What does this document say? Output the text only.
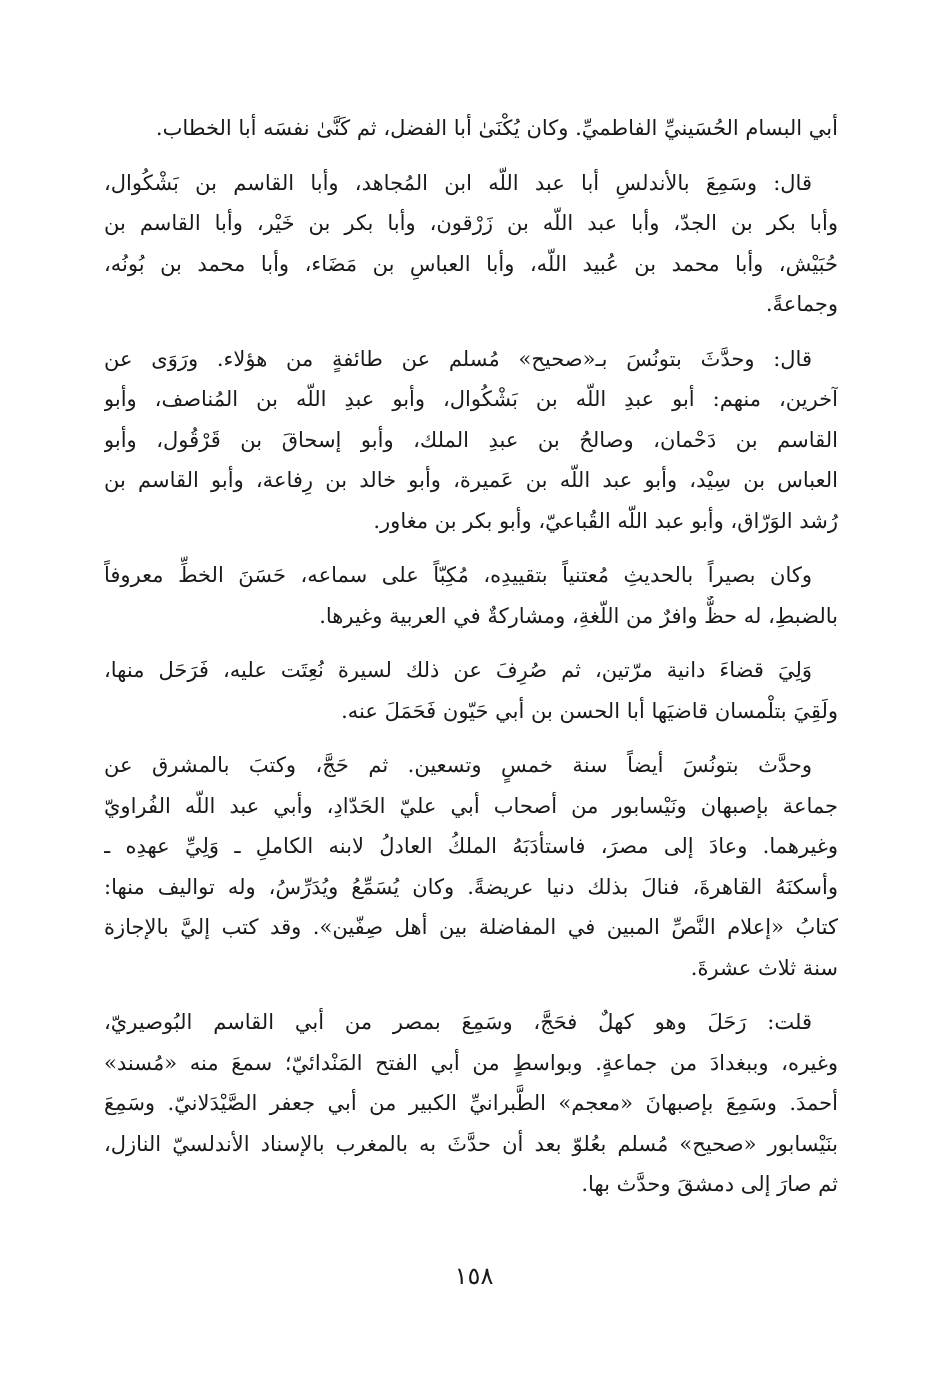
أبي البسام الحُسَينيِّ الفاطميِّ. وكان يُكْنَىٰ أبا الفضل، ثم كَنَّىٰ نفسَه أبا الخطاب.

قال: وسَمِعَ بالأندلسِ أبا عبد اللّه ابن المُجاهد، وأبا القاسم بن بَشْكُوال،
وأبا بكر بن الجدّ، وأبا عبد اللّه بن زَرْقون، وأبا بكر بن خَيْر، وأبا القاسم بن
حُبَيْش، وأبا محمد بن عُبيد اللّه، وأبا العباسِ بن مَضَاء، وأبا محمد بن بُونُه،
وجماعةً.

قال: وحدَّثَ بتونُسَ بـ«صحيح» مُسلم عن طائفةٍ من هؤلاء. ورَوَى عن
آخرين، منهم: أبو عبدِ اللّه بن بَشْكُوال، وأبو عبدِ اللّه بن المُناصف، وأبو
القاسم بن دَحْمان، وصالحُ بن عبدِ الملك، وأبو إسحاقَ بن قَرْقُول، وأبو
العباس بن سِيْد، وأبو عبد اللّه بن عَميرة، وأبو خالد بن رِفاعة، وأبو القاسم بن
رُشد الوَرّاق، وأبو عبد اللّه القُباعيّ، وأبو بكر بن مغاور.

وكان بصيراً بالحديثِ مُعتنياً بتقييدِه، مُكِبّاً على سماعه، حَسَنَ الخطِّ معروفاً
بالضبطِ، له حظٌّ وافرٌ من اللّغةِ، ومشاركةٌ في العربية وغيرها.

وَلِيَ قضاءَ دانية مرّتين، ثم صُرِفَ عن ذلك لسيرة نُعِتَت عليه، فَرَحَل منها،
ولَقِيَ بتلْمسان قاضيَها أبا الحسن بن أبي حَيّون فَحَمَلَ عنه.

وحدَّث بتونُسَ أيضاً سنة خمسٍ وتسعين. ثم حَجَّ، وكتبَ بالمشرق عن
جماعة بإصبهان ونَيْسابور من أصحاب أبي عليّ الحَدّادِ، وأبي عبد اللّه الفُراويّ
وغيرهما. وعادَ إلى مصرَ، فاستأدَبَهُ الملكُ العادلُ لابنه الكاملِ ـ وَلِيِّ عهدِه ـ
وأسكنَهُ القاهرةَ، فنالَ بذلك دنيا عريضةً. وكان يُسَمِّعُ ويُدَرِّسُ، وله تواليف منها:
كتابُ «إعلام النَّصِّ المبين في المفاضلة بين أهل صِفّين». وقد كتب إليَّ بالإجازة
سنة ثلاث عشرةَ.

قلت: رَحَلَ وهو كهلٌ فحَجَّ، وسَمِعَ بمصر من أبي القاسم البُوصيريّ،
وغيره، وببغدادَ من جماعةٍ. وبواسطٍ من أبي الفتح المَنْدائيّ؛ سمعَ منه «مُسند»
أحمدَ. وسَمِعَ بإصبهانَ «معجم» الطَّبرانيِّ الكبير من أبي جعفر الصَّيْدَلانيّ. وسَمِعَ
بنَيْسابور «صحيح» مُسلم بعُلوّ بعد أن حدَّثَ به بالمغرب بالإسناد الأندلسيّ النازل،
ثم صارَ إلى دمشقَ وحدَّث بها.

١٥٨
